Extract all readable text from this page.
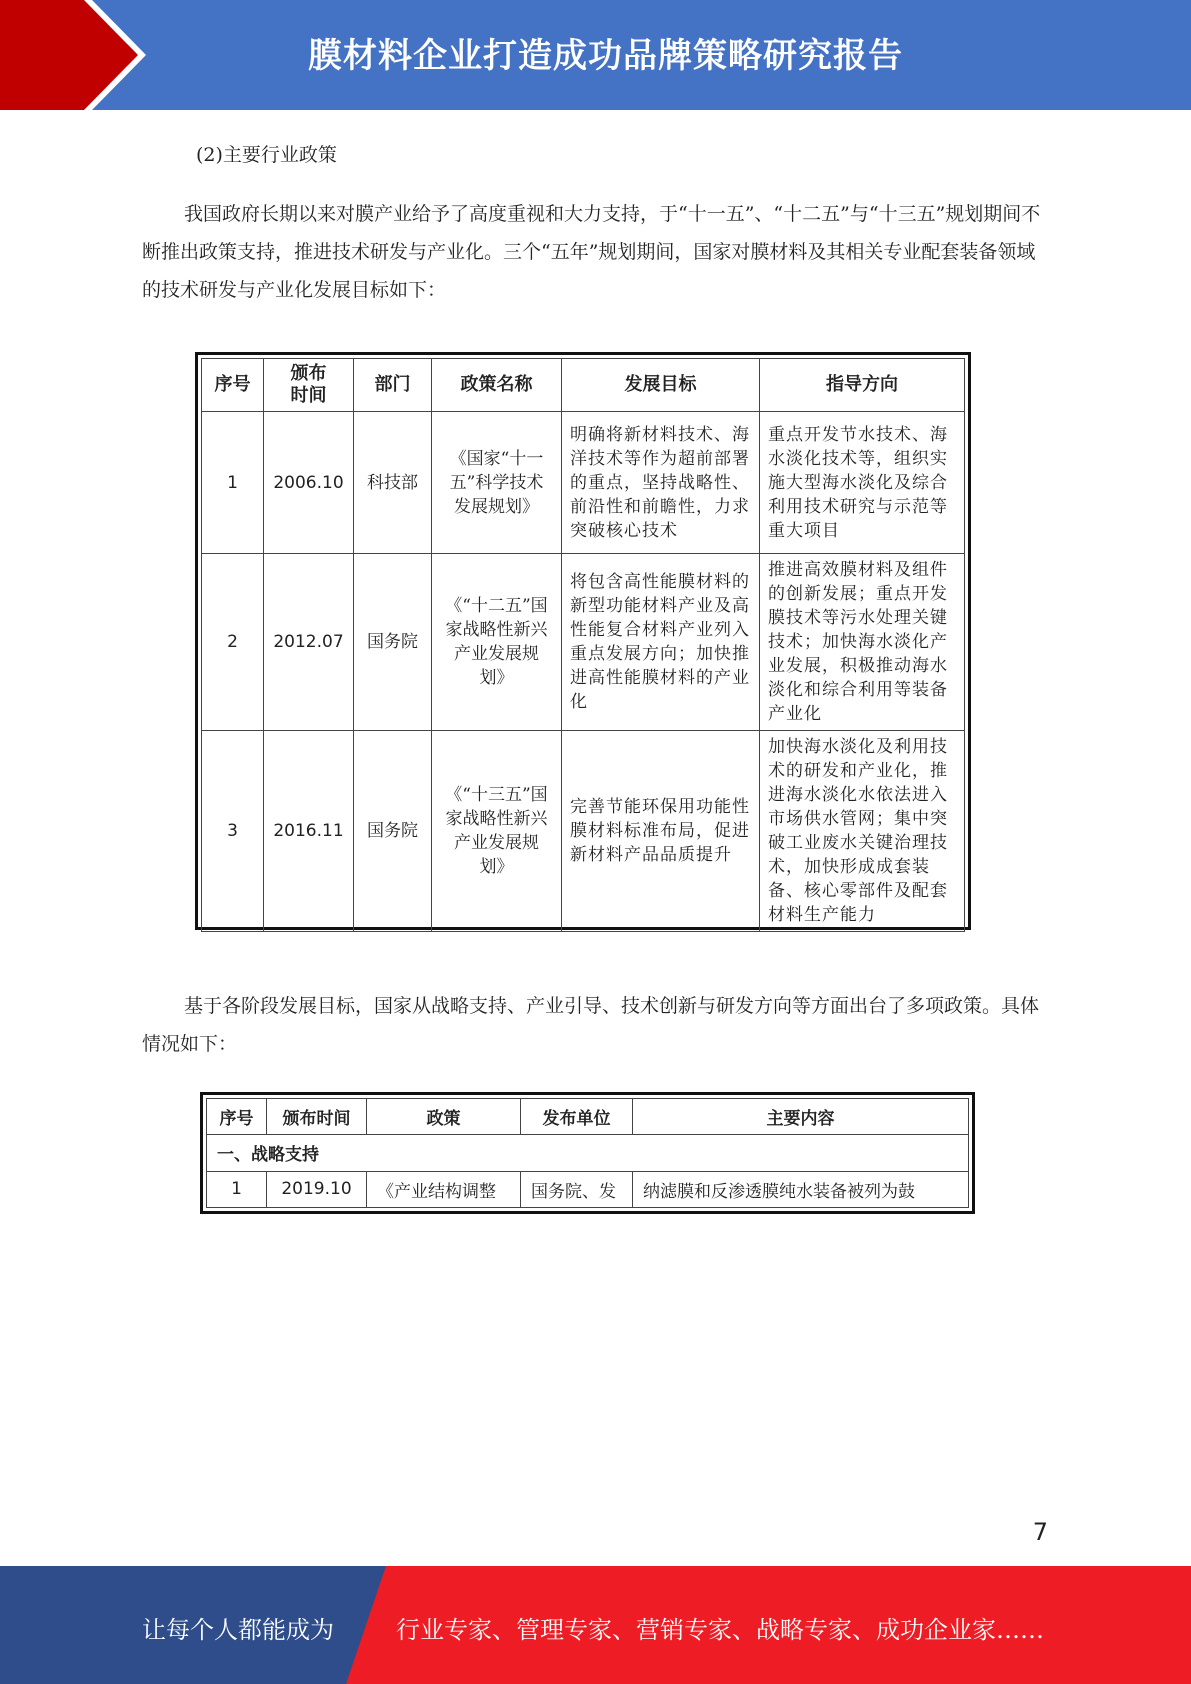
膜材料企业打造成功品牌策略研究报告
(2)主要行业政策
我国政府长期以来对膜产业给予了高度重视和大力支持，于“十一五”、“十二五”与“十三五”规划期间不断推出政策支持，推进技术研发与产业化。三个“五年”规划期间，国家对膜材料及其相关专业配套装备领域的技术研发与产业化发展目标如下：
序号	颁布时间	部门	政策名称	发展目标	指导方向
1	2006.10	科技部	《国家“十一五”科学技术发展规划》	明确将新材料技术、海洋技术等作为超前部署的重点，坚持战略性、前沿性和前瞻性，力求突破核心技术	重点开发节水技术、海水淡化技术等，组织实施大型海水淡化及综合利用技术研究与示范等重大项目
2	2012.07	国务院	《“十二五”国家战略性新兴产业发展规划》	将包含高性能膜材料的新型功能材料产业及高性能复合材料产业列入重点发展方向；加快推进高性能膜材料的产业化	推进高效膜材料及组件的创新发展；重点开发膜技术等污水处理关键技术；加快海水淡化产业发展，积极推动海水淡化和综合利用等装备产业化
3	2016.11	国务院	《“十三五”国家战略性新兴产业发展规划》	完善节能环保用功能性膜材料标准布局，促进新材料产品品质提升	加快海水淡化及利用技术的研发和产业化，推进海水淡化水依法进入市场供水管网；集中突破工业废水关键治理技术，加快形成成套装备、核心零部件及配套材料生产能力
基于各阶段发展目标，国家从战略支持、产业引导、技术创新与研发方向等方面出台了多项政策。具体情况如下：
序号	颁布时间	政策	发布单位	主要内容
一、战略支持				
1	2019.10	《产业结构调整	国务院、发	纳滤膜和反渗透膜纯水装备被列为鼓
7
让每个人都能成为	行业专家、管理专家、营销专家、战略专家、成功企业家……
